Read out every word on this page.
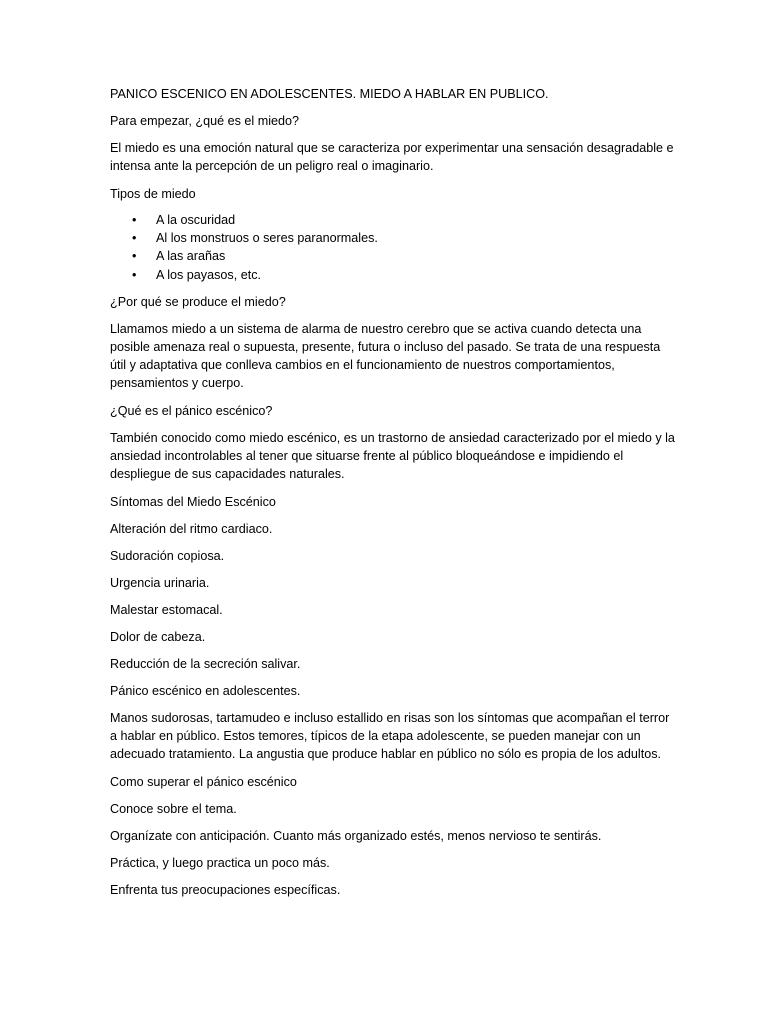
PANICO ESCENICO EN ADOLESCENTES. MIEDO A HABLAR EN PUBLICO.

Para empezar, ¿qué es el miedo?

El miedo es una emoción natural que se caracteriza por experimentar una sensación desagradable e intensa ante la percepción de un peligro real o imaginario.

Tipos de miedo

• A la oscuridad
• Al los monstruos o seres paranormales.
• A las arañas
• A los payasos, etc.

¿Por qué se produce el miedo?

Llamamos miedo a un sistema de alarma de nuestro cerebro que se activa cuando detecta una posible amenaza real o supuesta, presente, futura o incluso del pasado. Se trata de una respuesta útil y adaptativa que conlleva cambios en el funcionamiento de nuestros comportamientos, pensamientos y cuerpo.

¿Qué es el pánico escénico?

También conocido como miedo escénico, es un trastorno de ansiedad caracterizado por el miedo y la ansiedad incontrolables al tener que situarse frente al público bloqueándose e impidiendo el despliegue de sus capacidades naturales.

Síntomas del Miedo Escénico

Alteración del ritmo cardiaco.

Sudoración copiosa.

Urgencia urinaria.

Malestar estomacal.

Dolor de cabeza.

Reducción de la secreción salivar.

Pánico escénico en adolescentes.

Manos sudorosas, tartamudeo e incluso estallido en risas son los síntomas que acompañan el terror a hablar en público. Estos temores, típicos de la etapa adolescente, se pueden manejar con un adecuado tratamiento. La angustia que produce hablar en público no sólo es propia de los adultos.

Como superar el pánico escénico

Conoce sobre el tema.

Organízate con anticipación. Cuanto más organizado estés, menos nervioso te sentirás.

Práctica, y luego practica un poco más.

Enfrenta tus preocupaciones específicas.
